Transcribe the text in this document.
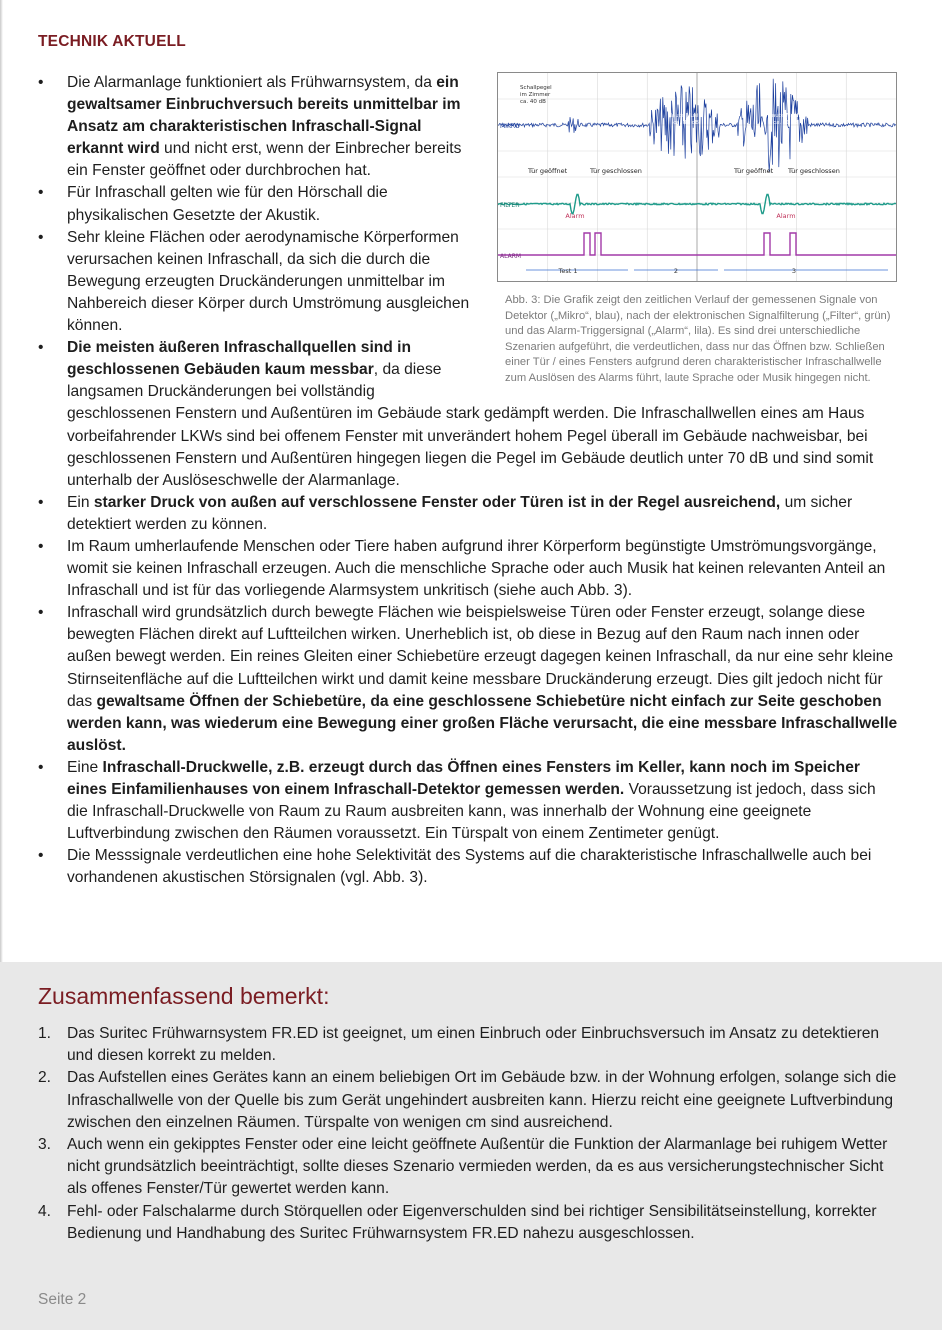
TECHNIK AKTUELL
MIKRO
FILTER
ALARM
Schallpegel
im Zimmer
ca. 40 dB
laute Musik
ca. 80 dB
laute Musik
ca. 70 dB
Tür geöffnet	Tür geschlossen	Tür geöffnet Tür geschlossen
Alarm	Alarm
Test 1	2	3
Abb. 3: Die Grafik zeigt den zeitlichen Verlauf der gemessenen Signale von Detektor („Mikro“, blau), nach der elektronischen Signalfilterung („Filter“, grün) und das Alarm-Triggersignal („Alarm“, lila). Es sind drei unterschiedliche Szenarien aufgeführt, die verdeutlichen, dass nur das Öffnen bzw. Schließen einer Tür / eines Fensters aufgrund deren charakteristischer Infraschallwelle zum Auslösen des Alarms führt, laute Sprache oder Musik hingegen nicht.
• Die Alarmanlage funktioniert als Frühwarnsystem, da ein gewaltsamer Einbruchversuch bereits unmittelbar im Ansatz am charakteristischen Infraschall-Signal erkannt wird und nicht erst, wenn der Einbrecher bereits ein Fenster geöffnet oder durchbrochen hat.
• Für Infraschall gelten wie für den Hörschall die physikalischen Gesetzte der Akustik.
• Sehr kleine Flächen oder aerodynamische Körperformen verursachen keinen Infraschall, da sich die durch die Bewegung erzeugten Druckänderungen unmittelbar im Nahbereich dieser Körper durch Umströmung ausgleichen können.
• Die meisten äußeren Infraschallquellen sind in geschlossenen Gebäuden kaum messbar, da diese langsamen Druckänderungen bei vollständig geschlossenen Fenstern und Außentüren im Gebäude stark gedämpft werden. Die Infraschallwellen eines am Haus vorbeifahrender LKWs sind bei offenem Fenster mit unverändert hohem Pegel überall im Gebäude nachweisbar, bei geschlossenen Fenstern und Außentüren hingegen liegen die Pegel im Gebäude deutlich unter 70 dB und sind somit unterhalb der Auslöseschwelle der Alarmanlage.
• Ein starker Druck von außen auf verschlossene Fenster oder Türen ist in der Regel ausreichend, um sicher detektiert werden zu können.
• Im Raum umherlaufende Menschen oder Tiere haben aufgrund ihrer Körperform begünstigte Umströmungsvorgänge, womit sie keinen Infraschall erzeugen. Auch die menschliche Sprache oder auch Musik hat keinen relevanten Anteil an Infraschall und ist für das vorliegende Alarmsystem unkritisch (siehe auch Abb. 3).
• Infraschall wird grundsätzlich durch bewegte Flächen wie beispielsweise Türen oder Fenster erzeugt, solange diese bewegten Flächen direkt auf Luftteilchen wirken. Unerheblich ist, ob diese in Bezug auf den Raum nach innen oder außen bewegt werden. Ein reines Gleiten einer Schiebetüre erzeugt dagegen keinen Infraschall, da nur eine sehr kleine Stirnseitenfläche auf die Luftteilchen wirkt und damit keine messbare Druckänderung erzeugt. Dies gilt jedoch nicht für das gewaltsame Öffnen der Schiebetüre, da eine geschlossene Schiebetüre nicht einfach zur Seite geschoben werden kann, was wiederum eine Bewegung einer großen Fläche verursacht, die eine messbare Infraschallwelle auslöst.
• Eine Infraschall-Druckwelle, z.B. erzeugt durch das Öffnen eines Fensters im Keller, kann noch im Speicher eines Einfamilienhauses von einem Infraschall-Detektor gemessen werden. Voraussetzung ist jedoch, dass sich die Infraschall-Druckwelle von Raum zu Raum ausbreiten kann, was innerhalb der Wohnung eine geeignete Luftverbindung zwischen den Räumen voraussetzt. Ein Türspalt von einem Zentimeter genügt.
• Die Messsignale verdeutlichen eine hohe Selektivität des Systems auf die charakteristische Infraschallwelle auch bei vorhandenen akustischen Störsignalen (vgl. Abb. 3).
Zusammenfassend bemerkt:
1. Das Suritec Frühwarnsystem FR.ED ist geeignet, um einen Einbruch oder Einbruchsversuch im Ansatz zu detektieren und diesen korrekt zu melden.
2. Das Aufstellen eines Gerätes kann an einem beliebigen Ort im Gebäude bzw. in der Wohnung erfolgen, solange sich die Infraschallwelle von der Quelle bis zum Gerät ungehindert ausbreiten kann. Hierzu reicht eine geeignete Luftverbindung zwischen den einzelnen Räumen. Türspalte von wenigen cm sind ausreichend.
3. Auch wenn ein gekipptes Fenster oder eine leicht geöffnete Außentür die Funktion der Alarmanlage bei ruhigem Wetter nicht grundsätzlich beeinträchtigt, sollte dieses Szenario vermieden werden, da es aus versicherungstechnischer Sicht als offenes Fenster/Tür gewertet werden kann.
4. Fehl- oder Falschalarme durch Störquellen oder Eigenverschulden sind bei richtiger Sensibilitätseinstellung, korrekter Bedienung und Handhabung des Suritec Frühwarnsystem FR.ED nahezu ausgeschlossen.
Seite 2
